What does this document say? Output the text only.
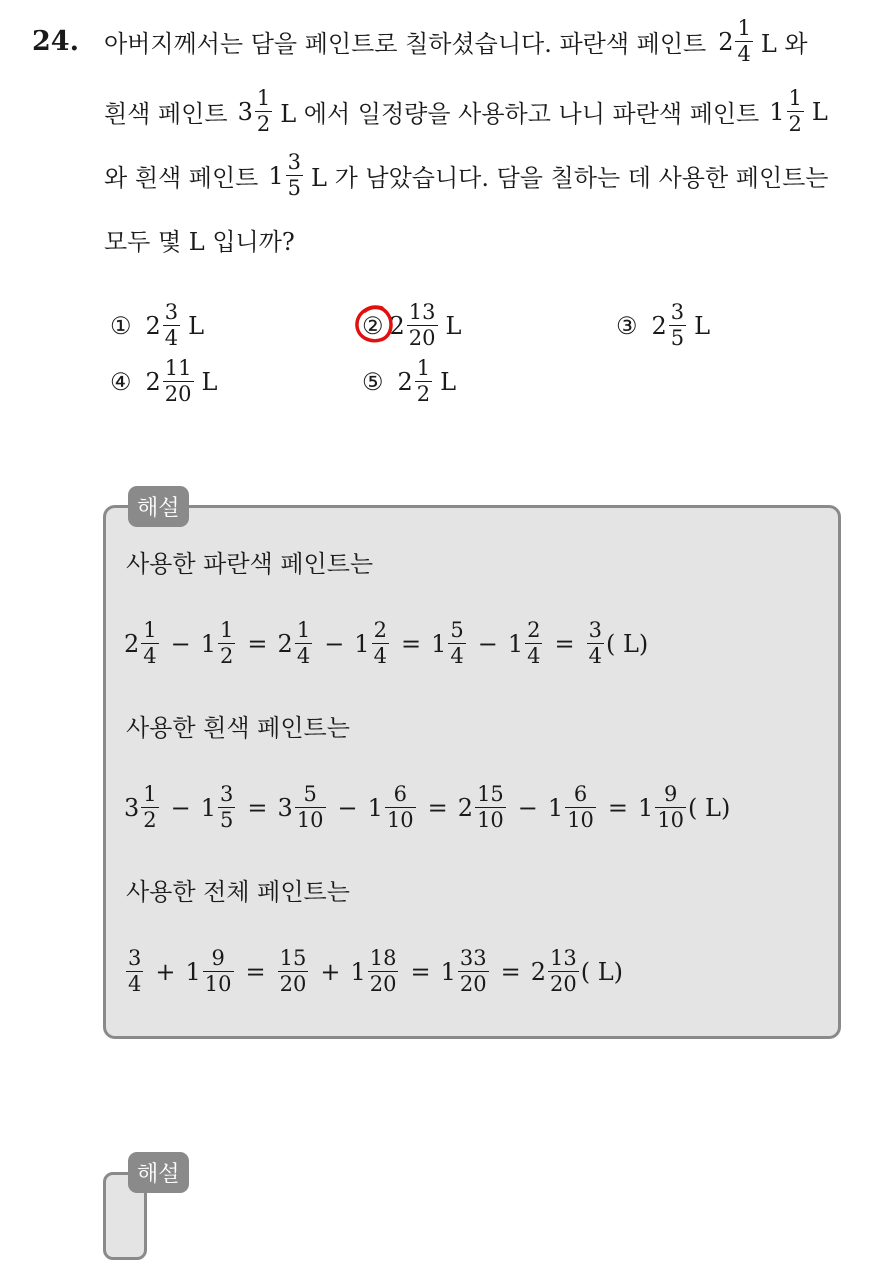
24. 아버지께서는 담을 페인트로 칠하셨습니다. 파란색 페인트 $2 \frac{1}{4}$ L 와
흰색 페인트 $3 \frac{1}{2}$ L 에서 일정량을 사용하고 나니 파란색 페인트 $1 \frac{1}{2}$ L
와 흰색 페인트 $1 \frac{3}{5}$ L 가 남았습니다. 담을 칠하는 데 사용한 페인트는
모두 몇 L 입니까?
① $2 \frac{3}{4}$ L	② $2 \frac{13}{20}$ L	③ $2 \frac{3}{5}$ L
④ $2 \frac{11}{20}$ L	⑤ $2 \frac{1}{2}$ L
해설
사용한 파란색 페인트는
$2 \frac{1}{4} - 1 \frac{1}{2} = 2 \frac{1}{4} - 1 \frac{2}{4} = 1 \frac{5}{4} - 1 \frac{2}{4} = \frac{3}{4}$ ( L)
사용한 흰색 페인트는
$3 \frac{1}{2} - 1 \frac{3}{5} = 3 \frac{5}{10} - 1 \frac{6}{10} = 2 \frac{15}{10} - 1 \frac{6}{10} = 1 \frac{9}{10}$ ( L)
사용한 전체 페인트는
$\frac{3}{4} + 1 \frac{9}{10} = \frac{15}{20} + 1 \frac{18}{20} = 1 \frac{33}{20} = 2 \frac{13}{20}$ ( L)
해설
